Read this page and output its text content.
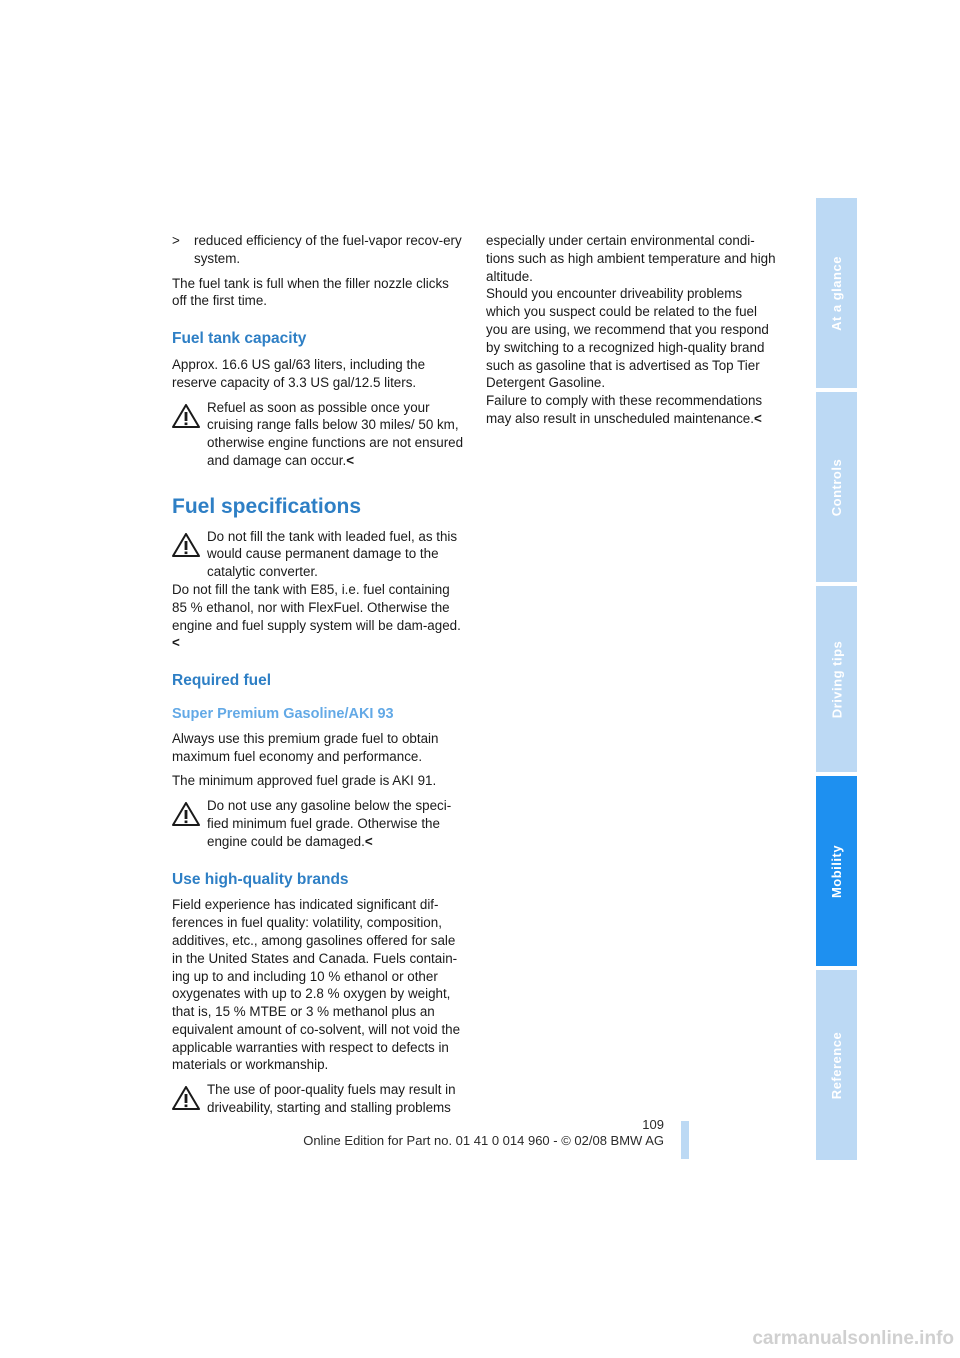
>	reduced efficiency of the fuel-vapor recov-ery system.

The fuel tank is full when the filler nozzle clicks off the first time.

Fuel tank capacity

Approx. 16.6 US gal/63 liters, including the reserve capacity of 3.3 US gal/12.5 liters.

Refuel as soon as possible once your cruising range falls below 30 miles/ 50 km, otherwise engine functions are not ensured and damage can occur.<

Fuel specifications

Do not fill the tank with leaded fuel, as this would cause permanent damage to the catalytic converter.

Do not fill the tank with E85, i.e. fuel containing 85 % ethanol, nor with FlexFuel. Otherwise the engine and fuel supply system will be dam-aged.<

Required fuel
Super Premium Gasoline/AKI 93

Always use this premium grade fuel to obtain maximum fuel economy and performance.

The minimum approved fuel grade is AKI 91.

Do not use any gasoline below the speci-fied minimum fuel grade. Otherwise the engine could be damaged.<

Use high-quality brands

Field experience has indicated significant dif-ferences in fuel quality: volatility, composition, additives, etc., among gasolines offered for sale in the United States and Canada. Fuels contain-ing up to and including 10 % ethanol or other oxygenates with up to 2.8 % oxygen by weight, that is, 15 % MTBE or 3 % methanol plus an equivalent amount of co-solvent, will not void the applicable warranties with respect to defects in materials or workmanship.

The use of poor-quality fuels may result in driveability, starting and stalling problems

especially under certain environmental condi-tions such as high ambient temperature and high altitude.

Should you encounter driveability problems which you suspect could be related to the fuel you are using, we recommend that you respond by switching to a recognized high-quality brand such as gasoline that is advertised as Top Tier Detergent Gasoline.

Failure to comply with these recommendations may also result in unscheduled maintenance.<

At a glance
Controls
Driving tips
Mobility
Reference
109
Online Edition for Part no. 01 41 0 014 960 - © 02/08 BMW AG
carmanualsonline.info
